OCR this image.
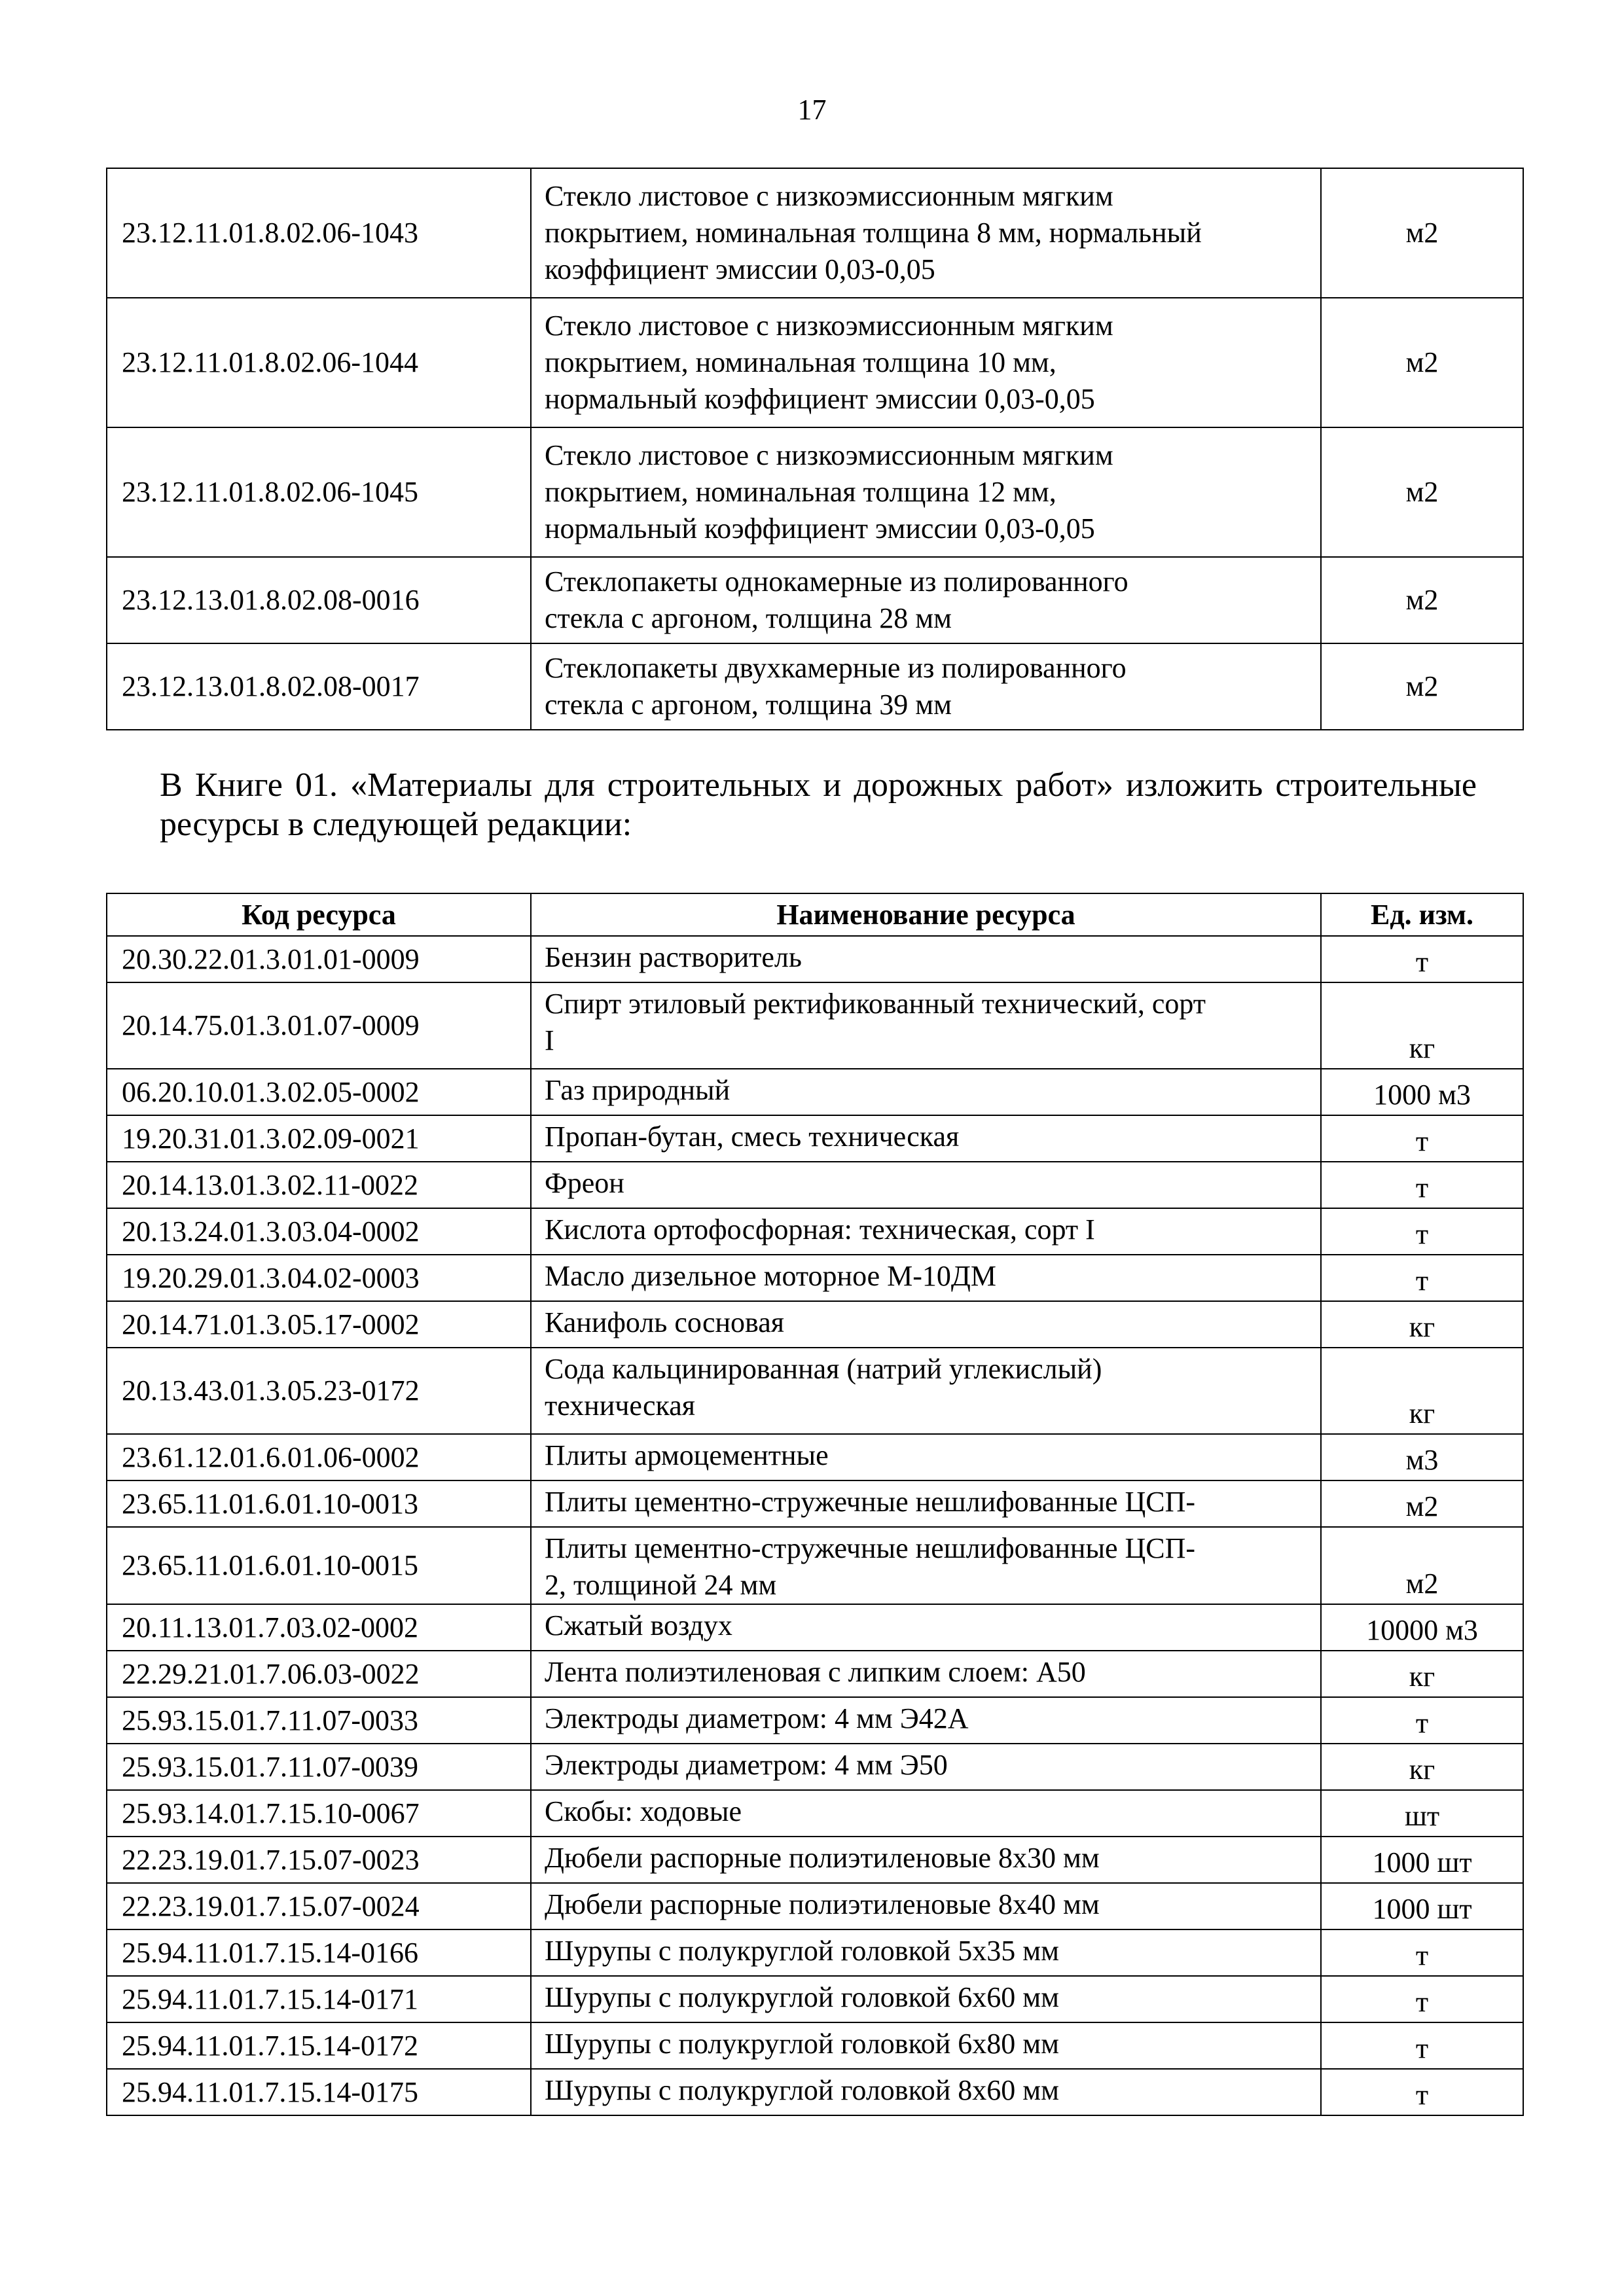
17
23.12.11.01.8.02.06-1043	Стекло листовое с низкоэмиссионным мягким
покрытием, номинальная толщина 8 мм, нормальный
коэффициент эмиссии 0,03-0,05	м2
23.12.11.01.8.02.06-1044	Стекло листовое с низкоэмиссионным мягким
покрытием, номинальная толщина 10 мм,
нормальный коэффициент эмиссии 0,03-0,05	м2
23.12.11.01.8.02.06-1045	Стекло листовое с низкоэмиссионным мягким
покрытием, номинальная толщина 12 мм,
нормальный коэффициент эмиссии 0,03-0,05	м2
23.12.13.01.8.02.08-0016	Стеклопакеты однокамерные из полированного
стекла с аргоном, толщина 28 мм	м2
23.12.13.01.8.02.08-0017	Стеклопакеты двухкамерные из полированного
стекла с аргоном, толщина 39 мм	м2
В Книге 01. «Материалы для строительных и дорожных работ» изложить строительные ресурсы в следующей редакции:
Код ресурса	Наименование ресурса	Ед. изм.
20.30.22.01.3.01.01-0009	Бензин растворитель	т
20.14.75.01.3.01.07-0009	Спирт этиловый ректификованный технический, сорт
I	кг
06.20.10.01.3.02.05-0002	Газ природный	1000 м3
19.20.31.01.3.02.09-0021	Пропан-бутан, смесь техническая	т
20.14.13.01.3.02.11-0022	Фреон	т
20.13.24.01.3.03.04-0002	Кислота ортофосфорная: техническая, сорт I	т
19.20.29.01.3.04.02-0003	Масло дизельное моторное М-10ДМ	т
20.14.71.01.3.05.17-0002	Канифоль сосновая	кг
20.13.43.01.3.05.23-0172	Сода кальцинированная (натрий углекислый)
техническая	кг
23.61.12.01.6.01.06-0002	Плиты армоцементные	м3
23.65.11.01.6.01.10-0013	Плиты цементно-стружечные нешлифованные ЦСП-	м2
23.65.11.01.6.01.10-0015	Плиты цементно-стружечные нешлифованные ЦСП-
2, толщиной 24 мм	м2
20.11.13.01.7.03.02-0002	Сжатый воздух	10000 м3
22.29.21.01.7.06.03-0022	Лента полиэтиленовая с липким слоем: А50	кг
25.93.15.01.7.11.07-0033	Электроды диаметром: 4 мм Э42А	т
25.93.15.01.7.11.07-0039	Электроды диаметром: 4 мм Э50	кг
25.93.14.01.7.15.10-0067	Скобы: ходовые	шт
22.23.19.01.7.15.07-0023	Дюбели распорные полиэтиленовые 8х30 мм	1000 шт
22.23.19.01.7.15.07-0024	Дюбели распорные полиэтиленовые 8х40 мм	1000 шт
25.94.11.01.7.15.14-0166	Шурупы с полукруглой головкой 5х35 мм	т
25.94.11.01.7.15.14-0171	Шурупы с полукруглой головкой 6х60 мм	т
25.94.11.01.7.15.14-0172	Шурупы с полукруглой головкой 6х80 мм	т
25.94.11.01.7.15.14-0175	Шурупы с полукруглой головкой 8х60 мм	т
